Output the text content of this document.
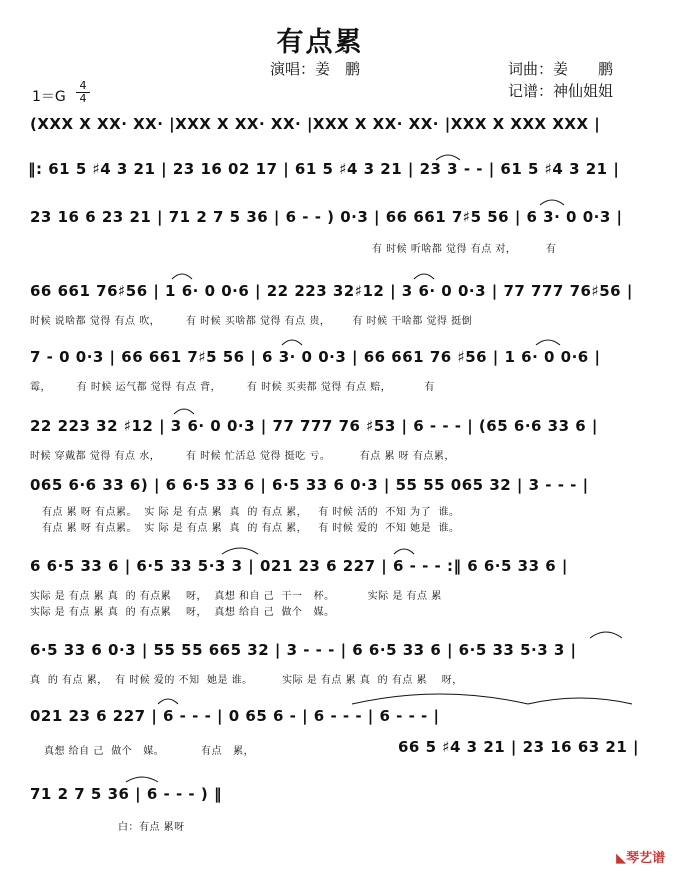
有点累
演唱：姜　鹏	词曲：姜　　鹏
记谱：神仙姐姐
1＝G
4
4
(XXX X XX· XX· |XXX X XX· XX· |XXX X XX· XX· |XXX X XXX XXX |
‖: 61 5 ♯4 3 21 | 23 16 02 17 | 61 5 ♯4 3 21 | 23 3 - - | 61 5 ♯4 3 21 |
23 16 6 23 21 | 71 2 7 5 36 | 6 - - ) 0·3 | 66 661 7♯5 56 | 6 3· 0 0·3 |
有 时候 听啥都 觉得 有点 对，        有
66 661 76♯56 | 1 6· 0 0·6 | 22 223 32♯12 | 3 6· 0 0·3 | 77 777 76♯56 |
时候 说啥都 觉得 有点 吹，       有 时候 买啥都 觉得 有点 贵，      有 时候 干啥都 觉得 挺倒
7 - 0 0·3 | 66 661 7♯5 56 | 6 3· 0 0·3 | 66 661 76 ♯56 | 1 6· 0 0·6 |
霉，       有 时候 运气都 觉得 有点 背，       有 时候 买卖都 觉得 有点 赔，         有
22 223 32 ♯12 | 3 6· 0 0·3 | 77 777 76 ♯53 | 6 - - - | (65 6·6 33 6 |
时候 穿戴都 觉得 有点 水，       有 时候 忙活总 觉得 挺吃 亏。        有点 累 呀 有点累，
065 6·6 33 6) | 6 6·5 33 6 | 6·5 33 6 0·3 | 55 55 065 32 | 3 - - - |
有点 累 呀 有点累。  实 际 是 有点 累  真  的 有点 累，   有 时候 活的  不知 为了  谁。
有点 累 呀 有点累。  实 际 是 有点 累  真  的 有点 累，   有 时候 爱的  不知 她是  谁。
6 6·5 33 6 | 6·5 33 5·3 3 | 021 23 6 227 | 6 - - - :‖ 6 6·5 33 6 |
实际 是 有点 累 真  的 有点累    呀，  真想 和自 己  干一   杯。         实际 是 有点 累
实际 是 有点 累 真  的 有点累    呀，  真想 给自 己  做个   媒。
6·5 33 6 0·3 | 55 55 665 32 | 3 - - - | 6 6·5 33 6 | 6·5 33 5·3 3 |
真  的 有点 累，  有 时候 爱的 不知  她是 谁。        实际 是 有点 累 真  的 有点 累    呀，
021 23 6 227 | 6 - - - | 0 65 6 - | 6 - - - | 6 - - - |
66 5 ♯4 3 21 | 23 16 63 21 |
真想 给自 己  做个   媒。          有点   累，
71 2 7 5 36 | 6 - - - ) ‖
白：有点 累呀

◣琴艺谱
